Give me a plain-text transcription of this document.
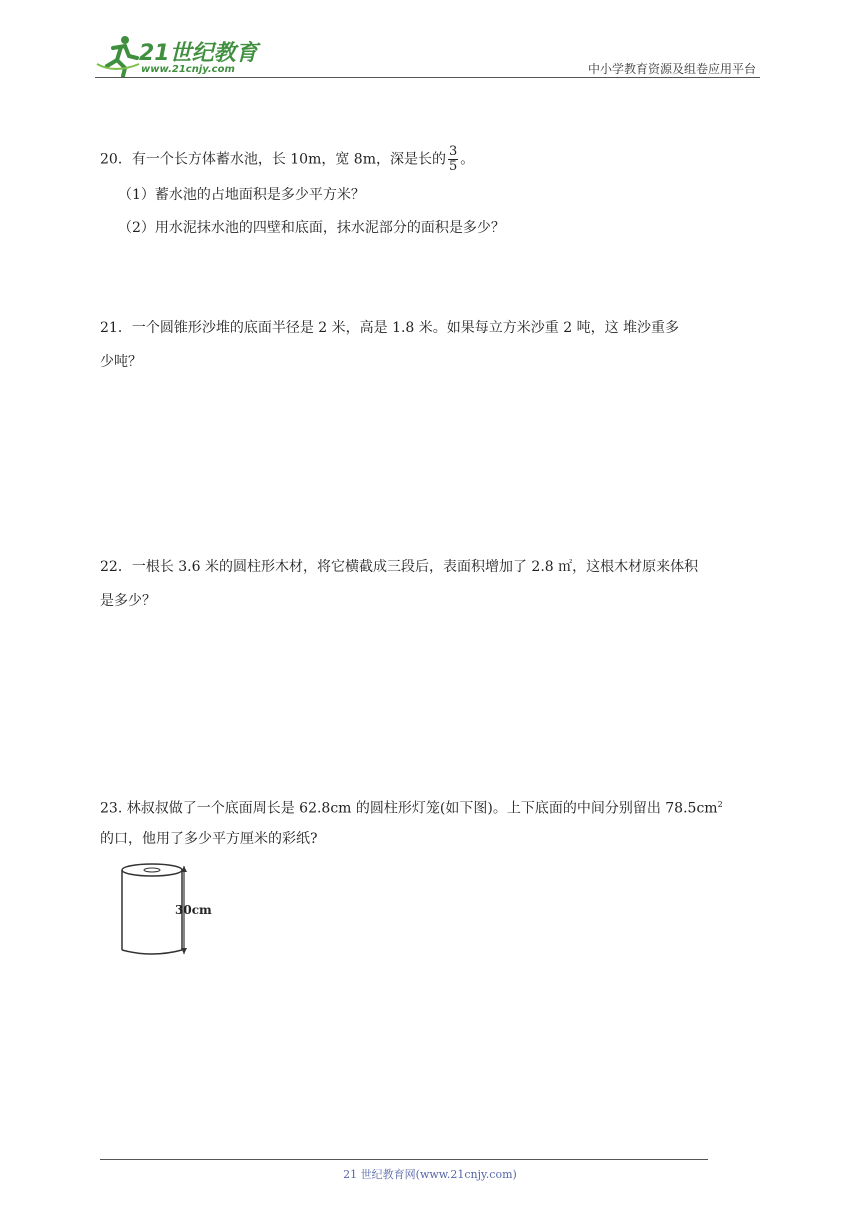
21世纪教育
www.21cnjy.com	中小学教育资源及组卷应用平台
20．有一个长方体蓄水池，长 10m，宽 8m，深是长的 $\frac{3}{5}$ 。
（1）蓄水池的占地面积是多少平方米？
（2）用水泥抹水池的四壁和底面，抹水泥部分的面积是多少？
21．一个圆锥形沙堆的底面半径是 2 米，高是 1.8 米。如果每立方米沙重 2 吨，这 堆沙重多
少吨？
22．一根长 3.6 米的圆柱形木材，将它横截成三段后，表面积增加了 2.8 ㎡，这根木材原来体积
是多少？
23. 林叔叔做了一个底面周长是 62.8cm 的圆柱形灯笼(如下图)。上下底面的中间分别留出 $78.5cm^2$
的口，他用了多少平方厘米的彩纸?
30cm
21 世纪教育网(www.21cnjy.com)
